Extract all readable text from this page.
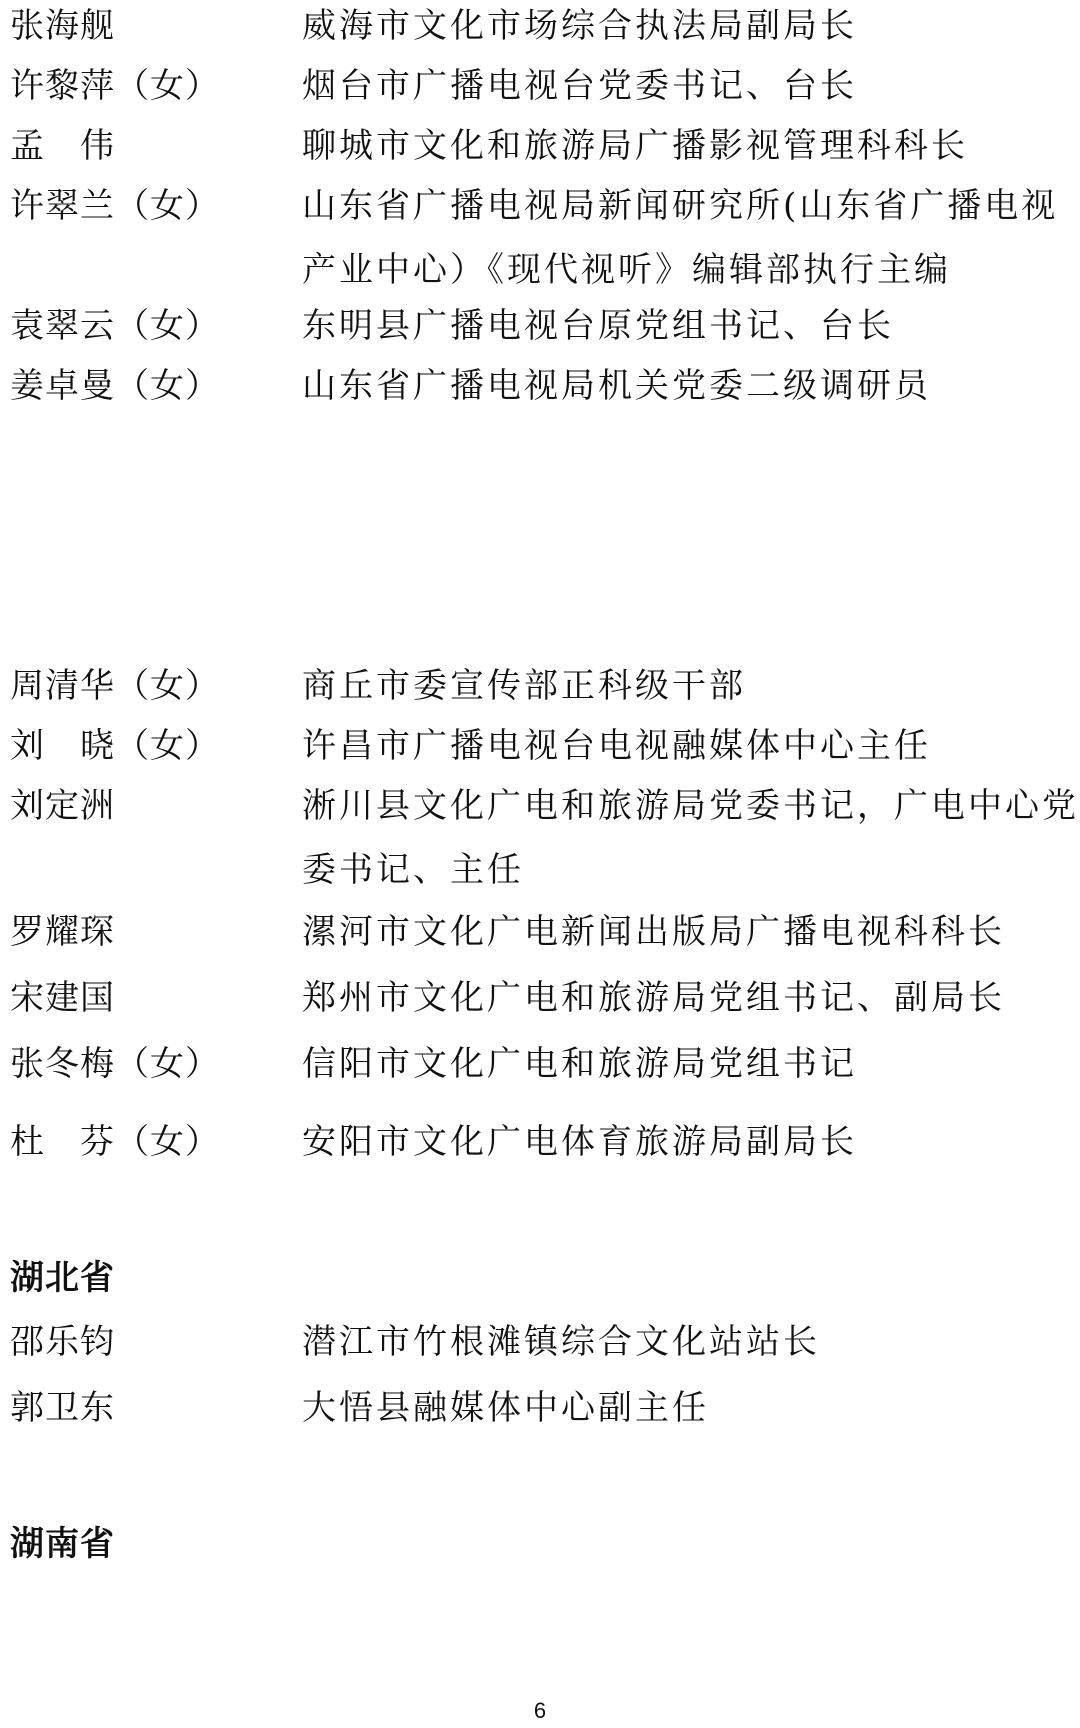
张海舰	威海市文化市场综合执法局副局长
许黎萍（女） 烟台市广播电视台党委书记、台长
孟　伟	聊城市文化和旅游局广播影视管理科科长
许翠兰（女） 山东省广播电视局新闻研究所(山东省广播电视
产业中心）《现代视听》编辑部执行主编
袁翠云（女） 东明县广播电视台原党组书记、台长
姜卓曼（女） 山东省广播电视局机关党委二级调研员
周清华（女） 商丘市委宣传部正科级干部
刘　晓（女） 许昌市广播电视台电视融媒体中心主任
刘定洲	淅川县文化广电和旅游局党委书记，广电中心党
委书记、主任
罗耀琛	漯河市文化广电新闻出版局广播电视科科长
宋建国	郑州市文化广电和旅游局党组书记、副局长
张冬梅（女） 信阳市文化广电和旅游局党组书记
杜　芬（女） 安阳市文化广电体育旅游局副局长
湖北省
邵乐钧	潜江市竹根滩镇综合文化站站长
郭卫东	大悟县融媒体中心副主任
湖南省
6
